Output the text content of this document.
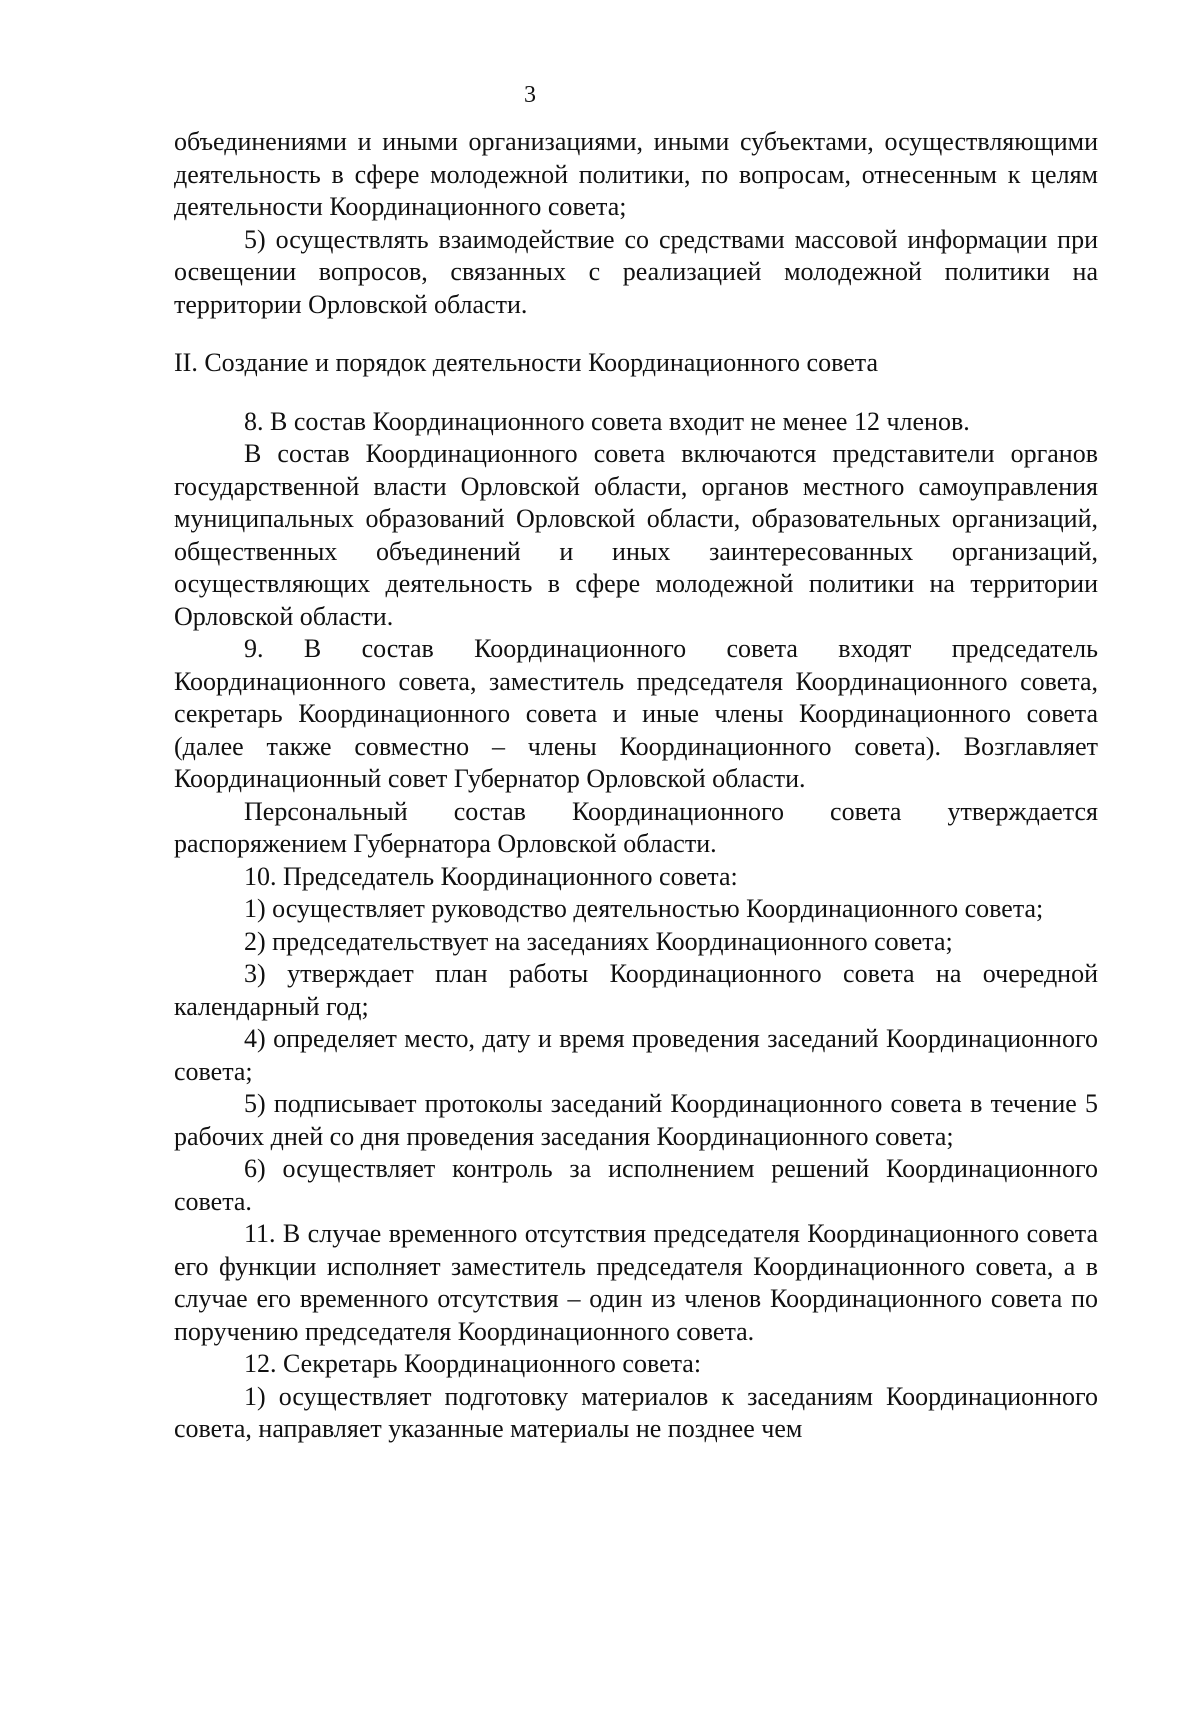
3

объединениями и иными организациями, иными субъектами, осуществляющими деятельность в сфере молодежной политики, по вопросам, отнесенным к целям деятельности Координационного совета;

5) осуществлять взаимодействие со средствами массовой информации при освещении вопросов, связанных с реализацией молодежной политики на территории Орловской области.

II. Создание и порядок деятельности Координационного совета

8. В состав Координационного совета входит не менее 12 членов.

В состав Координационного совета включаются представители органов государственной власти Орловской области, органов местного самоуправления муниципальных образований Орловской области, образовательных организаций, общественных объединений и иных заинтересованных организаций, осуществляющих деятельность в сфере молодежной политики на территории Орловской области.

9. В состав Координационного совета входят председатель Координационного совета, заместитель председателя Координационного совета, секретарь Координационного совета и иные члены Координационного совета (далее также совместно – члены Координационного совета). Возглавляет Координационный совет Губернатор Орловской области.

Персональный состав Координационного совета утверждается распоряжением Губернатора Орловской области.

10. Председатель Координационного совета:

1) осуществляет руководство деятельностью Координационного совета;

2) председательствует на заседаниях Координационного совета;

3) утверждает план работы Координационного совета на очередной календарный год;

4) определяет место, дату и время проведения заседаний Координационного совета;

5) подписывает протоколы заседаний Координационного совета в течение 5 рабочих дней со дня проведения заседания Координационного совета;

6) осуществляет контроль за исполнением решений Координационного совета.

11. В случае временного отсутствия председателя Координационного совета его функции исполняет заместитель председателя Координационного совета, а в случае его временного отсутствия – один из членов Координационного совета по поручению председателя Координационного совета.

12. Секретарь Координационного совета:

1) осуществляет подготовку материалов к заседаниям Координационного совета, направляет указанные материалы не позднее чем
